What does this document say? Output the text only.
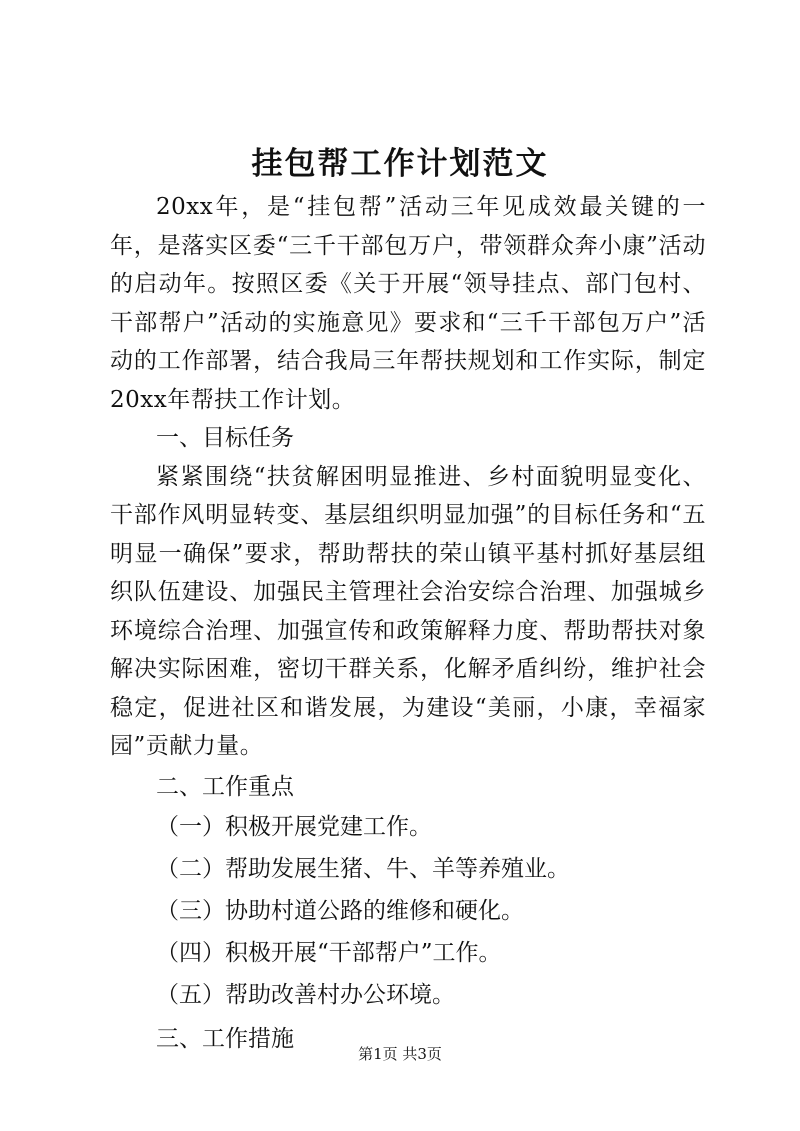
挂包帮工作计划范文

20xx年，是“挂包帮”活动三年见成效最关键的一年，是落实区委“三千干部包万户，带领群众奔小康”活动的启动年。按照区委《关于开展“领导挂点、部门包村、干部帮户”活动的实施意见》要求和“三千干部包万户”活动的工作部署，结合我局三年帮扶规划和工作实际，制定20xx年帮扶工作计划。

一、目标任务

紧紧围绕“扶贫解困明显推进、乡村面貌明显变化、干部作风明显转变、基层组织明显加强”的目标任务和“五明显一确保”要求，帮助帮扶的荣山镇平基村抓好基层组织队伍建设、加强民主管理社会治安综合治理、加强城乡环境综合治理、加强宣传和政策解释力度、帮助帮扶对象解决实际困难，密切干群关系，化解矛盾纠纷，维护社会稳定，促进社区和谐发展，为建设“美丽，小康，幸福家园”贡献力量。

二、工作重点

（一）积极开展党建工作。

（二）帮助发展生猪、牛、羊等养殖业。

（三）协助村道公路的维修和硬化。

（四）积极开展“干部帮户”工作。

（五）帮助改善村办公环境。

三、工作措施

第1页 共3页
